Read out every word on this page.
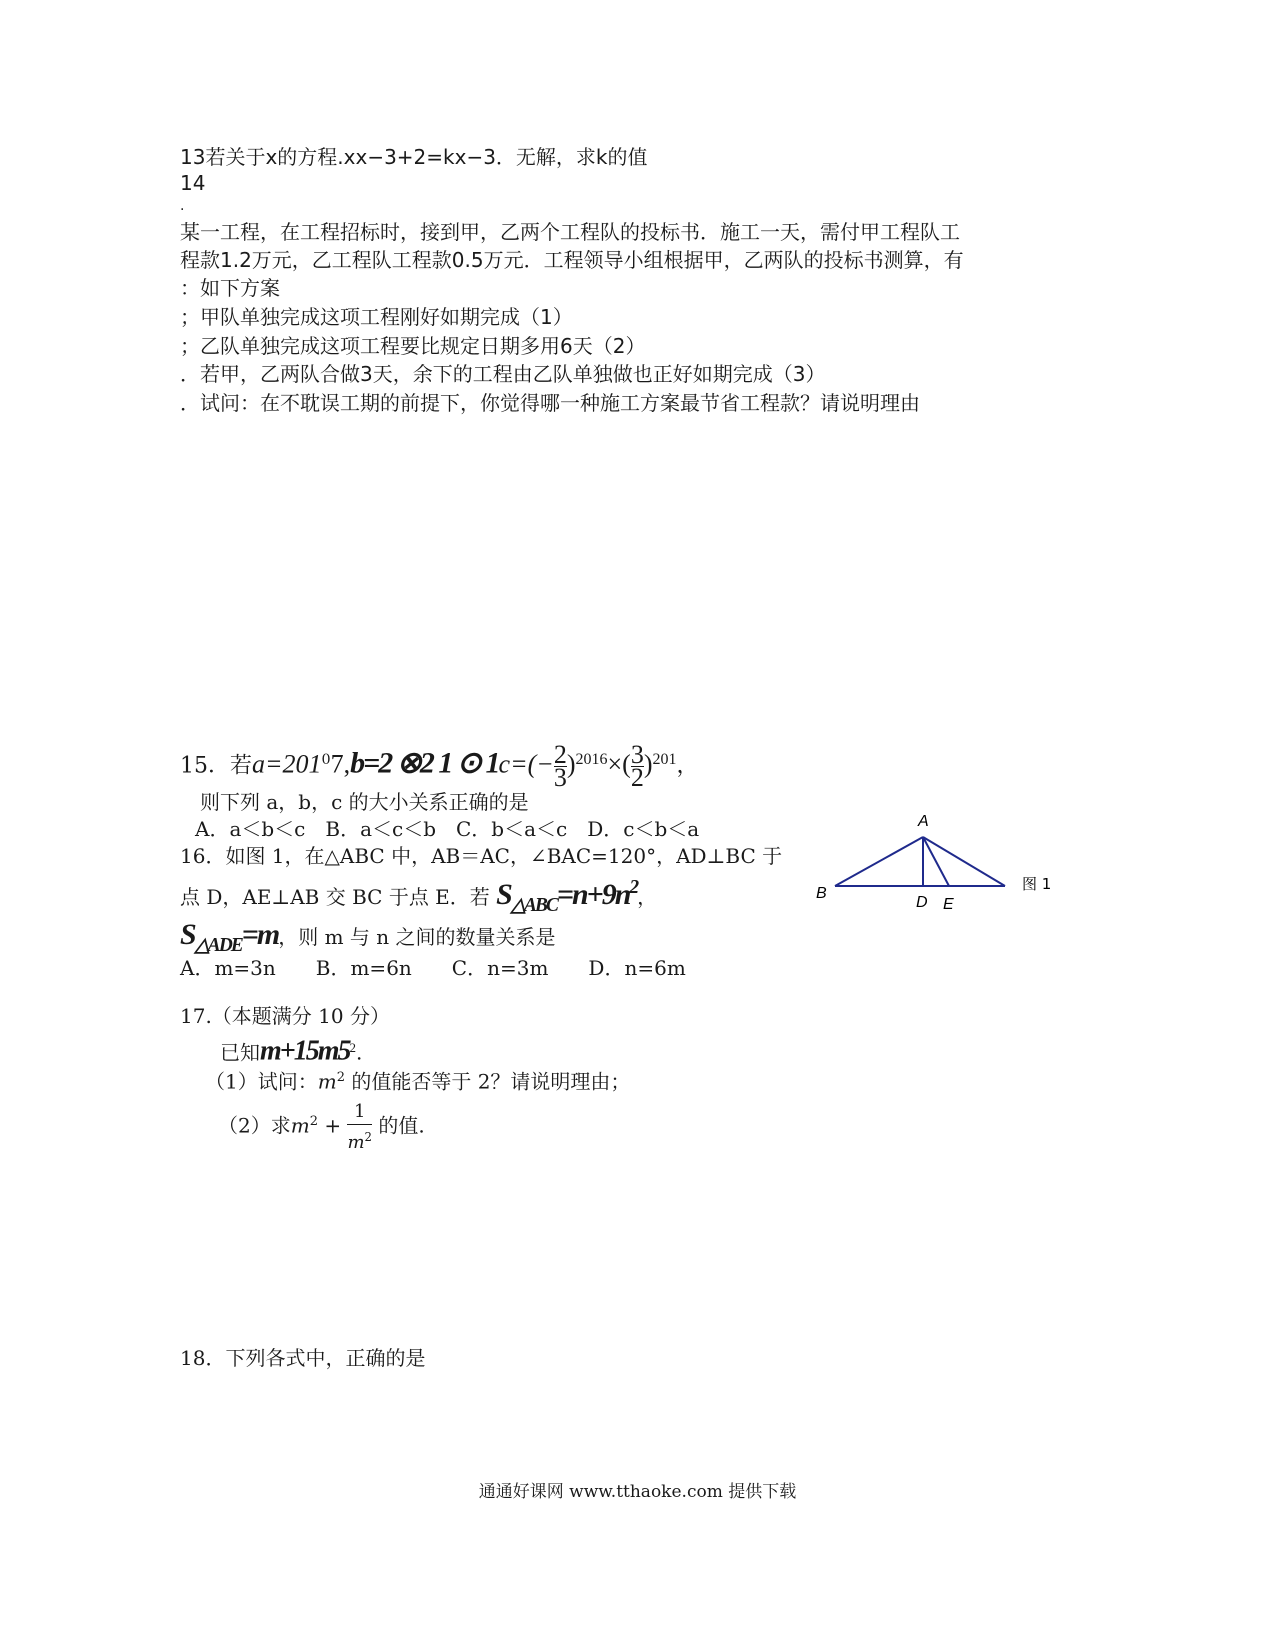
13若关于x的方程.xx−3+2=kx−3．无解，求k的值
14
.
某一工程，在工程招标时，接到甲，乙两个工程队的投标书．施工一天，需付甲工程队工
程款1.2万元，乙工程队工程款0.5万元．工程领导小组根据甲，乙两队的投标书测算，有
：如下方案
；甲队单独完成这项工程刚好如期完成（1）
；乙队单独完成这项工程要比规定日期多用6天（2）
．若甲，乙两队合做3天，余下的工程由乙队单独做也正好如期完成（3）
．试问：在不耽误工期的前提下，你觉得哪一种施工方案最节省工程款？请说明理由
15．若$a=201^07,b=2$ ⊗2 1 ⊙ $1c=(- \frac{2}{3} )^{2016}\times( \frac{3}{2} )^{201}$，
则下列 a，b，c 的大小关系正确的是
A．a＜b＜c　B．a＜c＜b　C．b＜a＜c　D．c＜b＜a
16．如图 1，在△ABC 中，AB＝AC，∠BAC=120°，AD⊥BC 于
点 D，AE⊥AB 交 BC 于点 E．若 $S_{\triangle ABC}=n+9n^2$，
$S_{\triangle ADE}=m$，则 m 与 n 之间的数量关系是
A．m=3n　　B．m=6n　　C．n=3m　　D．n=6m
A
B
D E
图 1
17.（本题满分 10 分）
已知$m+15m5^2$.
（1）试问：$m^2$ 的值能否等于 2？请说明理由；
（2）求$m^2 + \frac{1}{m^2}$ 的值.
18．下列各式中，正确的是
通通好课网 www.tthaoke.com 提供下载
